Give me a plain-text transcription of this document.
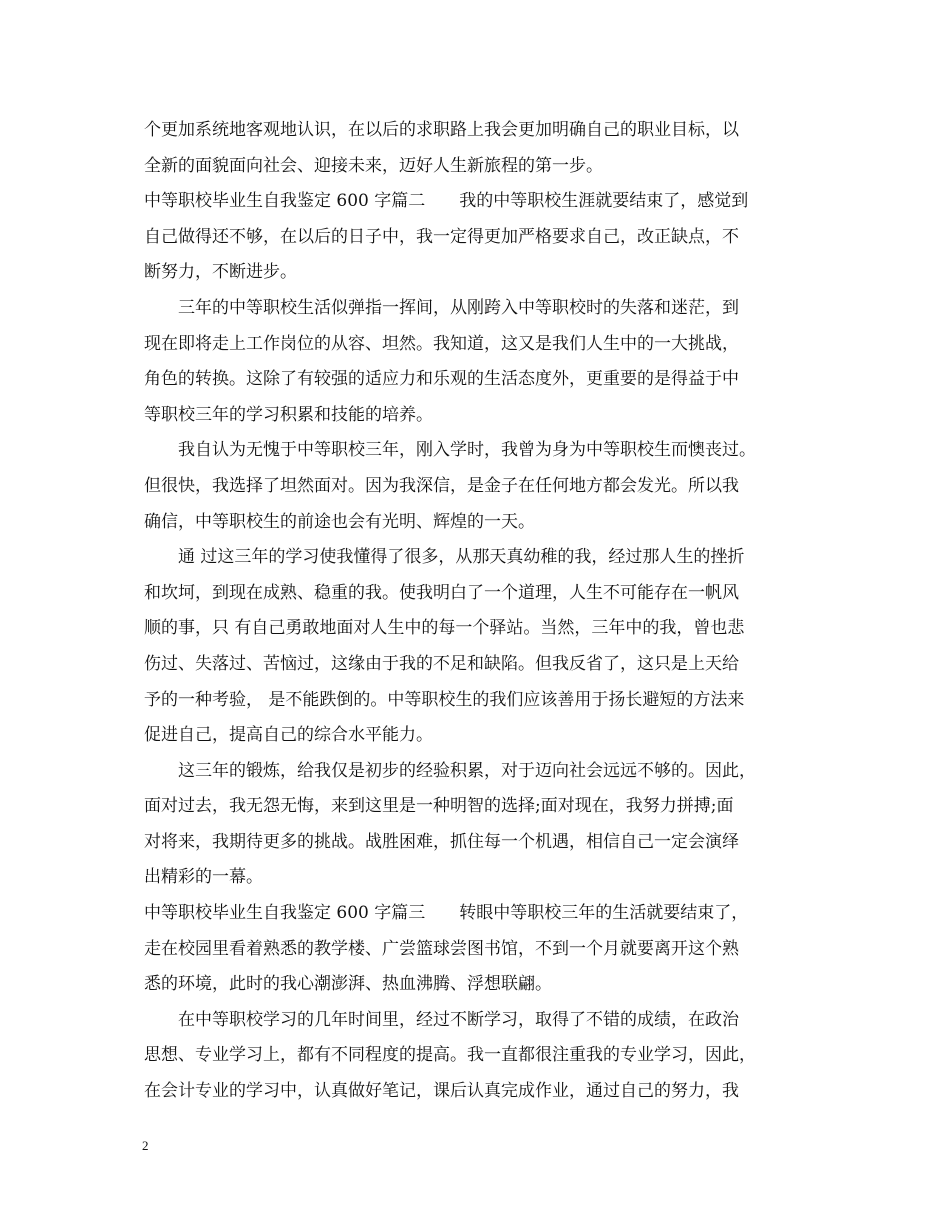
个更加系统地客观地认识，在以后的求职路上我会更加明确自己的职业目标，以
全新的面貌面向社会、迎接未来，迈好人生新旅程的第一步。
中等职校毕业生自我鉴定 600 字篇二　　我的中等职校生涯就要结束了，感觉到
自己做得还不够，在以后的日子中，我一定得更加严格要求自己，改正缺点，不
断努力，不断进步。
三年的中等职校生活似弹指一挥间，从刚跨入中等职校时的失落和迷茫，到
现在即将走上工作岗位的从容、坦然。我知道，这又是我们人生中的一大挑战，
角色的转换。这除了有较强的适应力和乐观的生活态度外，更重要的是得益于中
等职校三年的学习积累和技能的培养。
我自认为无愧于中等职校三年，刚入学时，我曾为身为中等职校生而懊丧过。
但很快，我选择了坦然面对。因为我深信，是金子在任何地方都会发光。所以我
确信，中等职校生的前途也会有光明、辉煌的一天。
通 过这三年的学习使我懂得了很多，从那天真幼稚的我，经过那人生的挫折
和坎坷，到现在成熟、稳重的我。使我明白了一个道理，人生不可能存在一帆风
顺的事，只 有自己勇敢地面对人生中的每一个驿站。当然，三年中的我，曾也悲
伤过、失落过、苦恼过，这缘由于我的不足和缺陷。但我反省了，这只是上天给
予的一种考验， 是不能跌倒的。中等职校生的我们应该善用于扬长避短的方法来
促进自己，提高自己的综合水平能力。
这三年的锻炼，给我仅是初步的经验积累，对于迈向社会远远不够的。因此，
面对过去，我无怨无悔，来到这里是一种明智的选择;面对现在，我努力拼搏;面
对将来，我期待更多的挑战。战胜困难，抓住每一个机遇，相信自己一定会演绎
出精彩的一幕。
中等职校毕业生自我鉴定 600 字篇三　　转眼中等职校三年的生活就要结束了，
走在校园里看着熟悉的教学楼、广尝篮球尝图书馆，不到一个月就要离开这个熟
悉的环境，此时的我心潮澎湃、热血沸腾、浮想联翩。
在中等职校学习的几年时间里，经过不断学习，取得了不错的成绩，在政治
思想、专业学习上，都有不同程度的提高。我一直都很注重我的专业学习，因此，
在会计专业的学习中，认真做好笔记，课后认真完成作业，通过自己的努力，我
2
